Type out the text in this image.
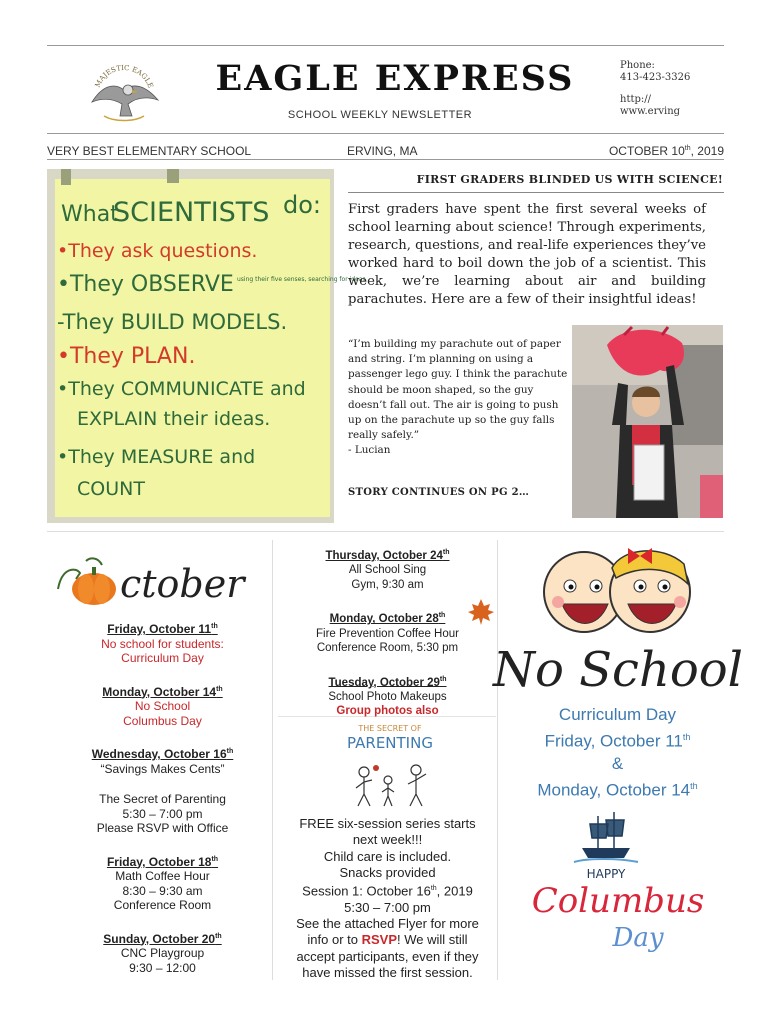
MAJESTIC EAGLE	EAGLE EXPRESS
SCHOOL WEEKLY NEWSLETTER
Phone:
413-423-3326
http://
www.erving
VERY BEST ELEMENTARY SCHOOL	ERVING, MA	OCTOBER 10th, 2019
What
SCIENTISTS do:
•They ask questions.
•They OBSERVE using their five senses, searching for ideas
-They BUILD MODELS.
•They PLAN.
•They COMMUNICATE and
EXPLAIN their ideas.
•They MEASURE and
COUNT
FIRST GRADERS BLINDED US WITH SCIENCE!
First graders have spent the first several weeks of school learning about science! Through experiments, research, questions, and real-life experiences they’ve worked hard to boil down the job of a scientist. This week, we’re learning about air and building parachutes. Here are a few of their insightful ideas!
“I’m building my parachute out of paper and string. I’m planning on using a passenger lego guy. I think the parachute should be moon shaped, so the guy doesn’t fall out. The air is going to push up on the parachute up so the guy falls really safely.”
- Lucian
STORY CONTINUES ON PG 2…
ctober
Friday, October 11th
No school for students:
Curriculum Day
Monday, October 14th
No School
Columbus Day
Wednesday, October 16th
“Savings Makes Cents”
The Secret of Parenting
5:30 – 7:00 pm
Please RSVP with Office
Friday, October 18th
Math Coffee Hour
8:30 – 9:30 am
Conference Room
Sunday, October 20th
CNC Playgroup
9:30 – 12:00
Thursday, October 24th
All School Sing
Gym, 9:30 am
Monday, October 28th
Fire Prevention Coffee Hour
Conference Room, 5:30 pm
Tuesday, October 29th
School Photo Makeups
Group photos also
THE SECRET OF
PARENTING
FREE six-session series starts
next week!!!
Child care is included.
Snacks provided
Session 1: October 16th, 2019
5:30 – 7:00 pm
See the attached Flyer for more
info or to RSVP! We will still
accept participants, even if they
have missed the first session.
No School
Curriculum Day
Friday, October 11th
&
Monday, October 14th
HAPPY
Columbus
Day
